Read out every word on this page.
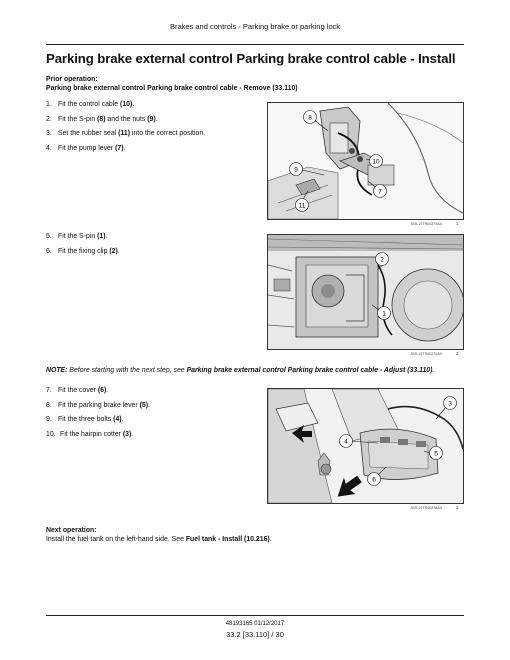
Brakes and controls - Parking brake or parking lock
Parking brake external control Parking brake control cable - Install
Prior operation:
Parking brake external control Parking brake control cable - Remove (33.110)
1. Fit the control cable (10).
2. Fit the S-pin (8) and the nuts (9).
3. Set the rubber seal (11) into the correct position.
4. Fit the pump lever (7).
8
10
9
7
11
SVIL19TR00279AA	1
5. Fit the S-pin (1).
6. Fit the fixing clip (2).
2
1
SVIL19TR00274AA	2
NOTE: Before starting with the next step, see Parking brake external control Parking brake control cable - Adjust (33.110).
7. Fit the cover (6).
8. Fit the parking brake lever (5).
9. Fit the three bolts (4).
10. Fit the hairpin cotter (3).
3
4
5
6
SVIL19TR00278AA	3
Next operation:
Install the fuel tank on the left-hand side. See Fuel tank - Install (10.216).
48193165 01/12/2017
33.2 [33.110] / 30
